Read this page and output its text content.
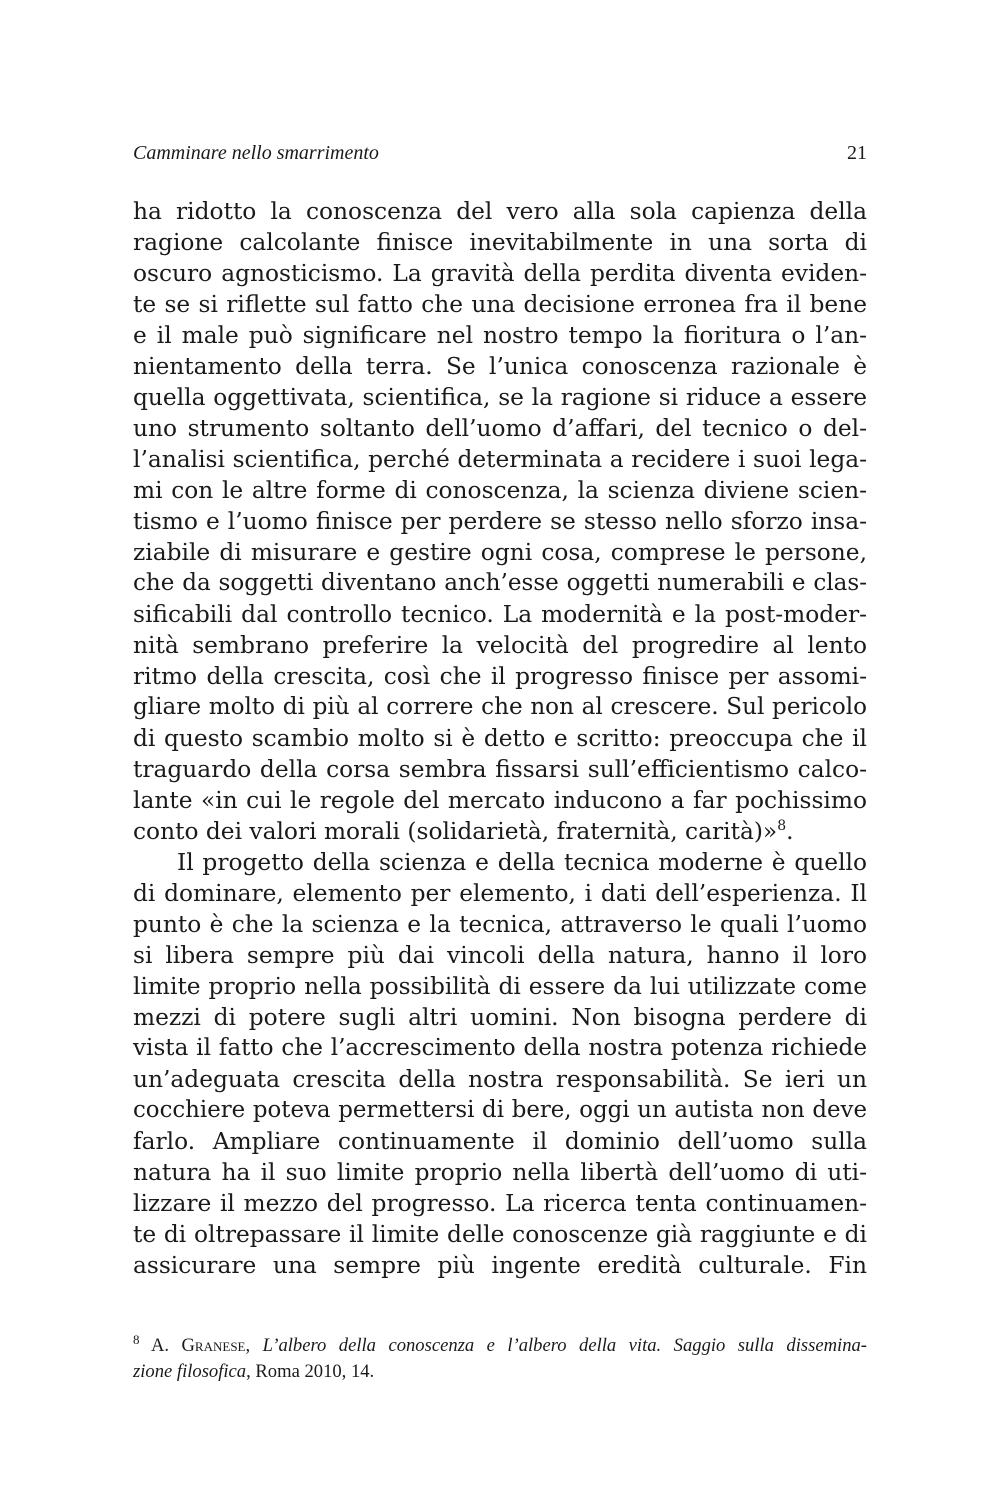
Camminare nello smarrimento	21
ha ridotto la conoscenza del vero alla sola capienza della
ragione calcolante finisce inevitabilmente in una sorta di
oscuro agnosticismo. La gravità della perdita diventa eviden-
te se si riflette sul fatto che una decisione erronea fra il bene
e il male può significare nel nostro tempo la fioritura o l’an-
nientamento della terra. Se l’unica conoscenza razionale è
quella oggettivata, scientifica, se la ragione si riduce a essere
uno strumento soltanto dell’uomo d’affari, del tecnico o del-
l’analisi scientifica, perché determinata a recidere i suoi lega-
mi con le altre forme di conoscenza, la scienza diviene scien-
tismo e l’uomo finisce per perdere se stesso nello sforzo insa-
ziabile di misurare e gestire ogni cosa, comprese le persone,
che da soggetti diventano anch’esse oggetti numerabili e clas-
sificabili dal controllo tecnico. La modernità e la post-moder-
nità sembrano preferire la velocità del progredire al lento
ritmo della crescita, così che il progresso finisce per assomi-
gliare molto di più al correre che non al crescere. Sul pericolo
di questo scambio molto si è detto e scritto: preoccupa che il
traguardo della corsa sembra fissarsi sull’efficientismo calco-
lante «in cui le regole del mercato inducono a far pochissimo
conto dei valori morali (solidarietà, fraternità, carità)»$^8$.
Il progetto della scienza e della tecnica moderne è quello
di dominare, elemento per elemento, i dati dell’esperienza. Il
punto è che la scienza e la tecnica, attraverso le quali l’uomo
si libera sempre più dai vincoli della natura, hanno il loro
limite proprio nella possibilità di essere da lui utilizzate come
mezzi di potere sugli altri uomini. Non bisogna perdere di
vista il fatto che l’accrescimento della nostra potenza richiede
un’adeguata crescita della nostra responsabilità. Se ieri un
cocchiere poteva permettersi di bere, oggi un autista non deve
farlo. Ampliare continuamente il dominio dell’uomo sulla
natura ha il suo limite proprio nella libertà dell’uomo di uti-
lizzare il mezzo del progresso. La ricerca tenta continuamen-
te di oltrepassare il limite delle conoscenze già raggiunte e di
assicurare una sempre più ingente eredità culturale. Fin
$^8$ A. Granese, L’albero della conoscenza e l’albero della vita. Saggio sulla dissemina-
zione filosofica, Roma 2010, 14.
